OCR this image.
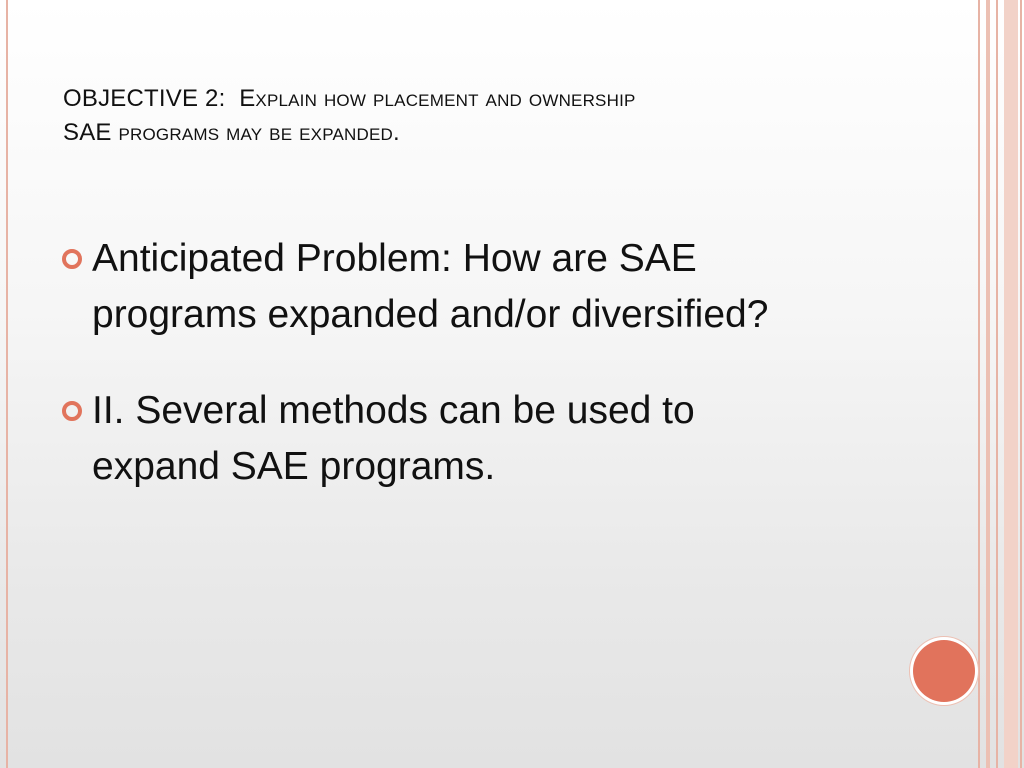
OBJECTIVE 2: Explain how placement and ownership
SAE programs may be expanded.
Anticipated Problem: How are SAE programs expanded and/or diversified?
II. Several methods can be used to expand SAE programs.
